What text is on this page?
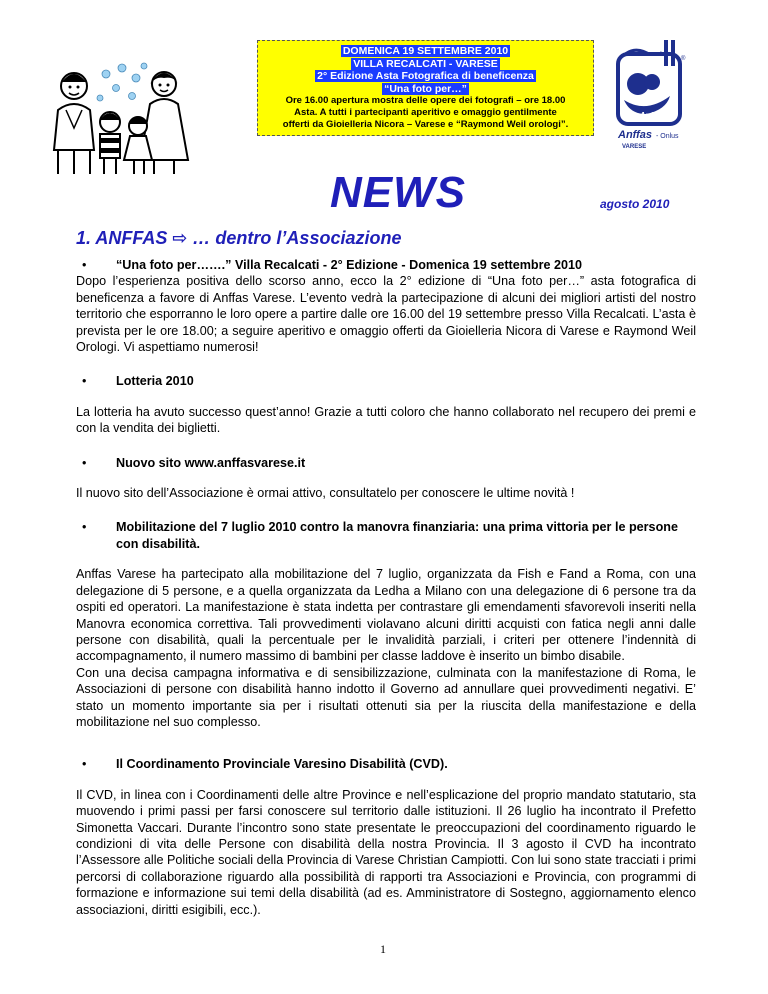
DOMENICA 19 SETTEMBRE 2010
VILLA RECALCATI - VARESE
2° Edizione Asta Fotografica di beneficenza
“Una foto per…”
Ore 16.00 apertura mostra delle opere dei fotografi – ore 18.00
Asta. A tutti i partecipanti aperitivo e omaggio gentilmente
offerti da Gioielleria Nicora – Varese e “Raymond Weil orologi”.
Anffas
®
Anffas - Onlus
VARESE
NEWS	agosto 2010
1. ANFFAS ⇨ … dentro l’Associazione
• “Una foto per…….” Villa Recalcati - 2° Edizione - Domenica 19 settembre 2010

Dopo l’esperienza positiva dello scorso anno, ecco la 2° edizione di “Una foto per…” asta fotografica di beneficenza a favore di Anffas Varese. L’evento vedrà la partecipazione di alcuni dei migliori artisti del nostro territorio che esporranno le loro opere a partire dalle ore 16.00 del 19 settembre presso Villa Recalcati. L’asta è prevista per le ore 18.00; a seguire aperitivo e omaggio offerti da Gioielleria Nicora di Varese e Raymond Weil Orologi. Vi aspettiamo numerosi!

• Lotteria 2010

La lotteria ha avuto successo quest’anno! Grazie a tutti coloro che hanno collaborato nel recupero dei premi e con la vendita dei biglietti.

• Nuovo sito www.anffasvarese.it

Il nuovo sito dell’Associazione è ormai attivo, consultatelo per conoscere le ultime novità !

• Mobilitazione del 7 luglio 2010 contro la manovra finanziaria: una prima vittoria per le persone con disabilità.

Anffas Varese ha partecipato alla mobilitazione del 7 luglio, organizzata da Fish e Fand a Roma, con una delegazione di 5 persone, e a quella organizzata da Ledha a Milano con una delegazione di 6 persone tra da ospiti ed operatori. La manifestazione è stata indetta per contrastare gli emendamenti sfavorevoli inseriti nella Manovra economica correttiva. Tali provvedimenti violavano alcuni diritti acquisti con fatica negli anni dalle persone con disabilità, quali la percentuale per le invalidità parziali, i criteri per ottenere l’indennità di accompagnamento, il numero massimo di bambini per classe laddove è inserito un bimbo disabile.

Con una decisa campagna informativa e di sensibilizzazione, culminata con la manifestazione di Roma, le Associazioni di persone con disabilità hanno indotto il Governo ad annullare quei provvedimenti negativi. E’ stato un momento importante sia per i risultati ottenuti sia per la riuscita della manifestazione e della mobilitazione nel suo complesso.

• Il Coordinamento Provinciale Varesino Disabilità (CVD).

Il CVD, in linea con i Coordinamenti delle altre Province e nell’esplicazione del proprio mandato statutario, sta muovendo i primi passi per farsi conoscere sul territorio dalle istituzioni. Il 26 luglio ha incontrato il Prefetto Simonetta Vaccari. Durante l’incontro sono state presentate le preoccupazioni del coordinamento riguardo le condizioni di vita delle Persone con disabilità della nostra Provincia. Il 3 agosto il CVD ha incontrato l’Assessore alle Politiche sociali della Provincia di Varese Christian Campiotti. Con lui sono state tracciati i primi percorsi di collaborazione riguardo alla possibilità di rapporti tra Associazioni e Provincia, con programmi di formazione e informazione sui temi della disabilità (ad es. Amministratore di Sostegno, aggiornamento elenco associazioni, diritti esigibili, ecc.).

1
